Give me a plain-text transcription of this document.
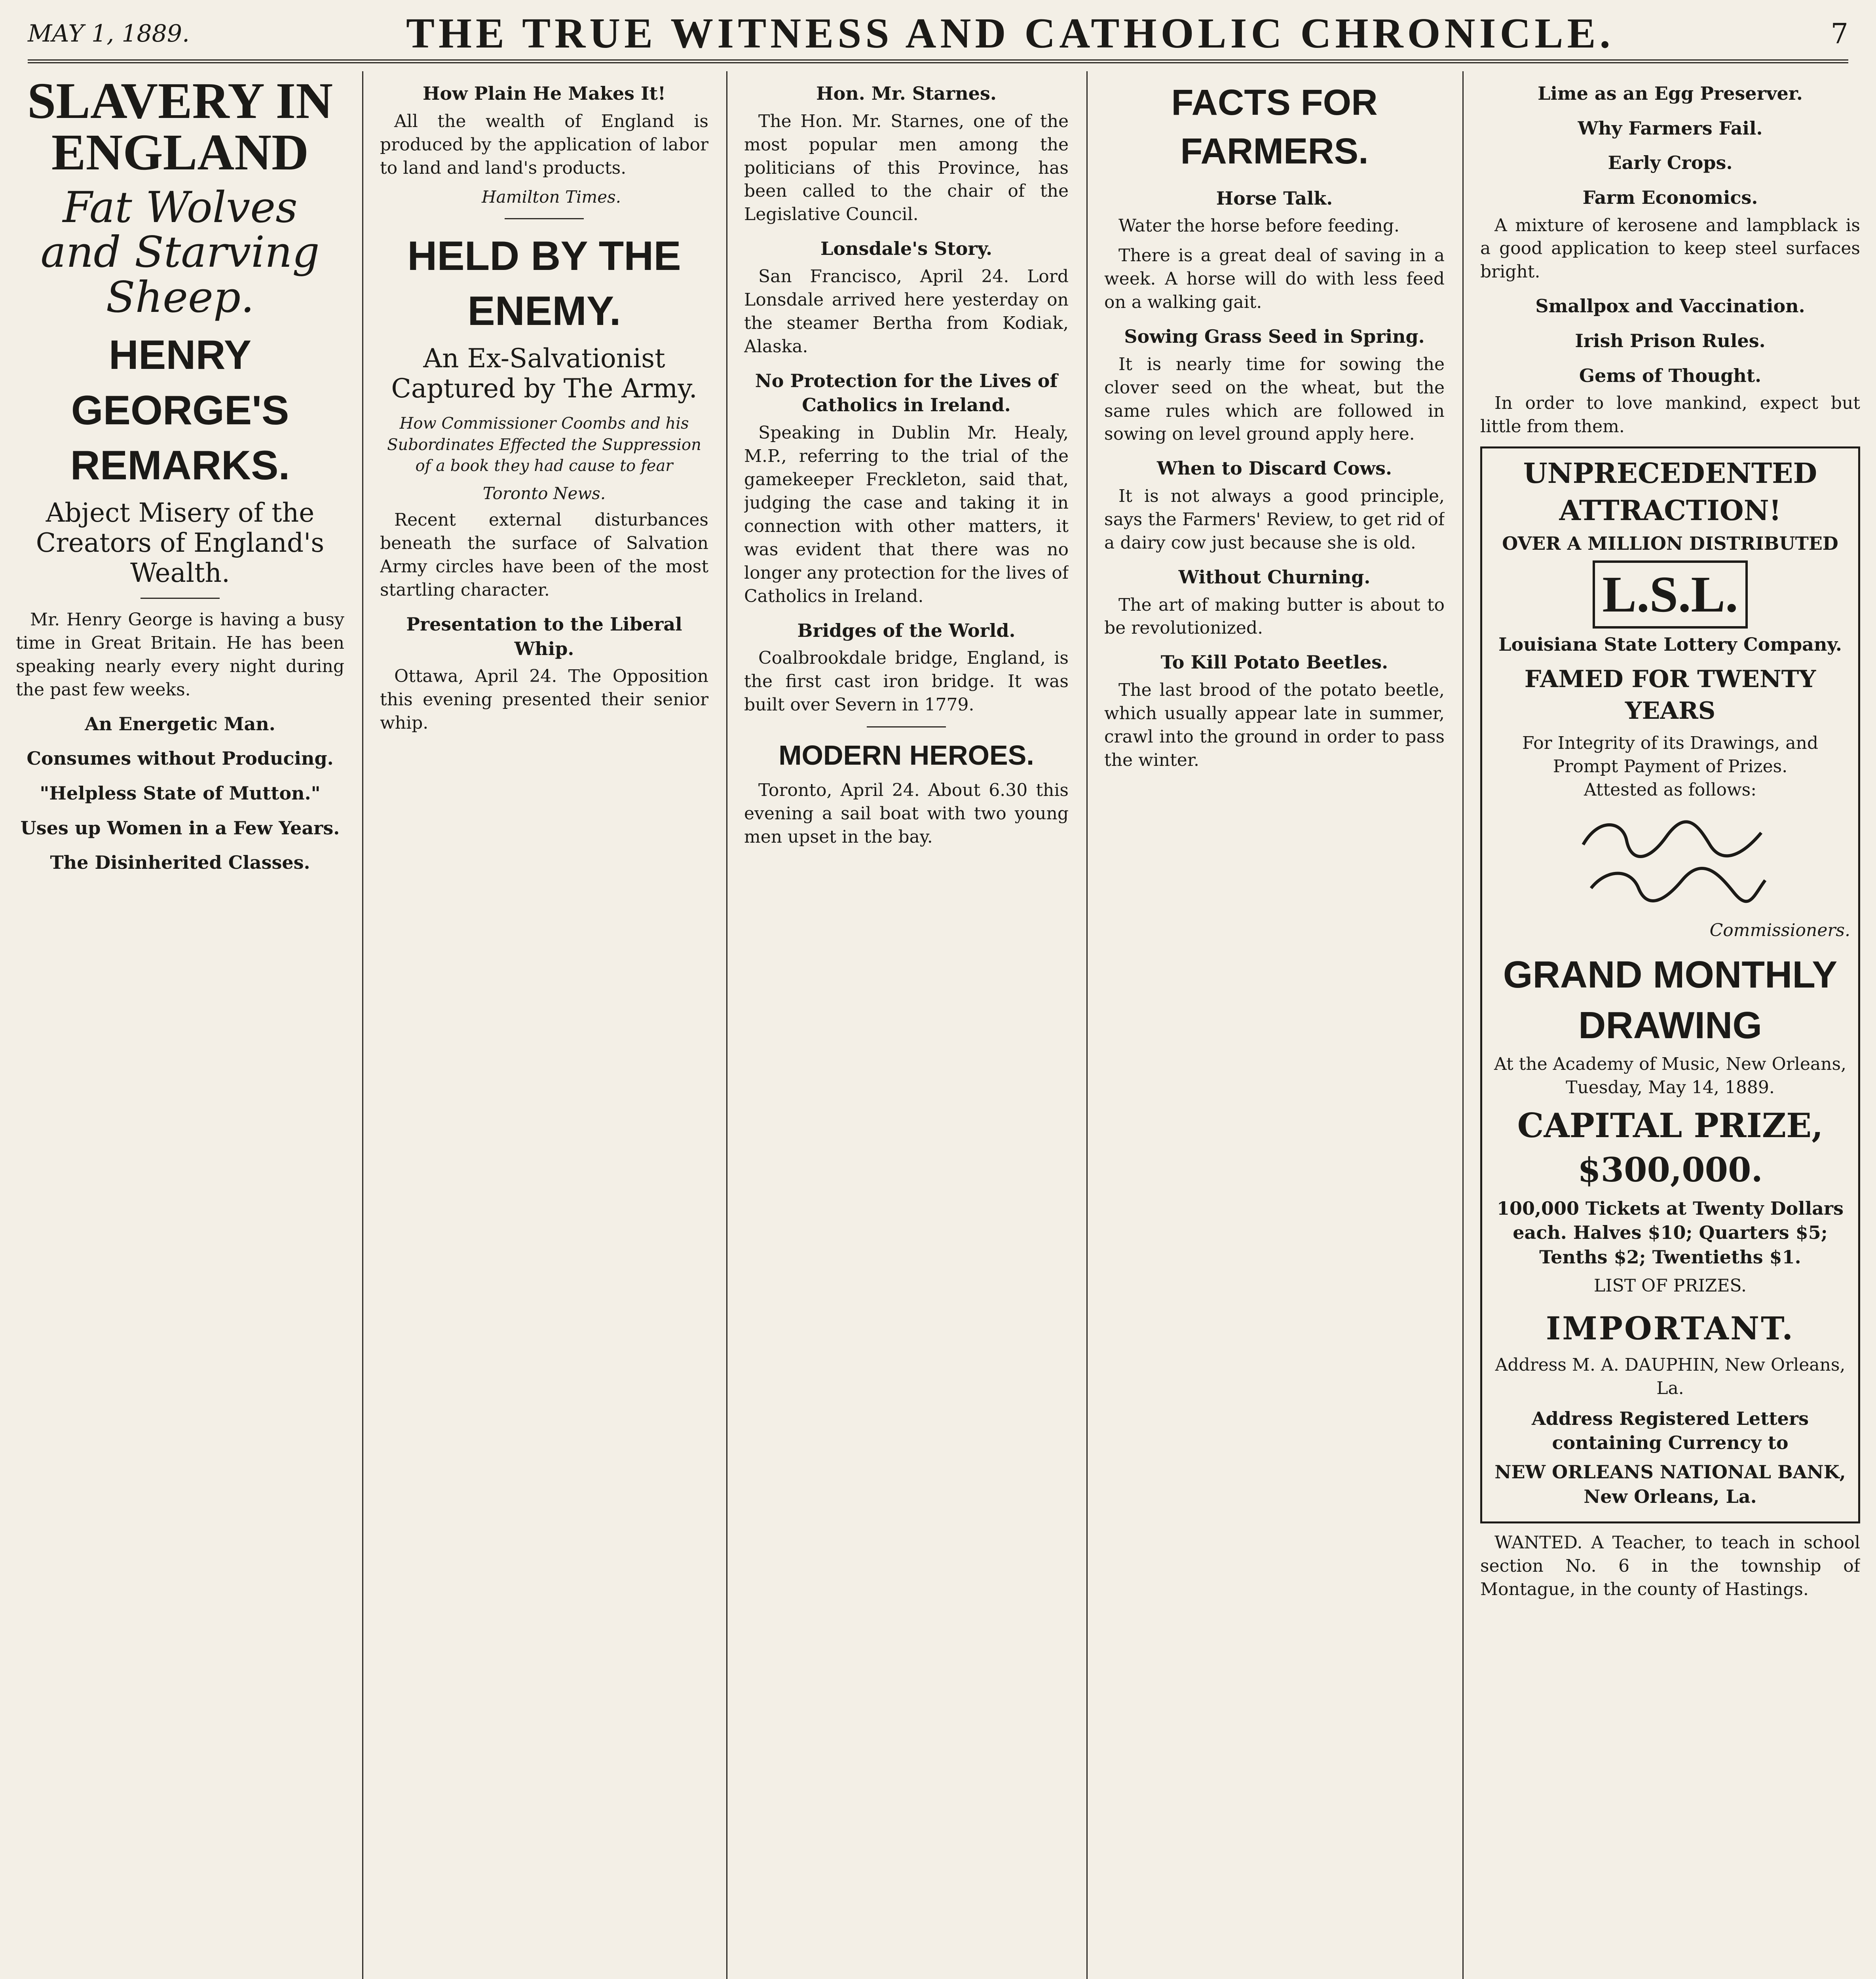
MAY 1, 1889.	THE TRUE WITNESS AND CATHOLIC CHRONICLE.	7
SLAVERY IN ENGLAND
Fat Wolves and Starving Sheep.
HENRY GEORGE'S REMARKS.
Abject Misery of the Creators of England's Wealth.

Mr. Henry George is having a busy time in Great Britain. He has been speaking nearly every night during the past few weeks.

An Energetic Man.

Consumes without Producing.

"Helpless State of Mutton."

Uses up Women in a Few Years.

The Disinherited Classes.

How Plain He Makes It!

All the wealth of England is produced by the application of labor to land and land's products.

Hamilton Times.

HELD BY THE ENEMY.
An Ex-Salvationist Captured by The Army.
How Commissioner Coombs and his Subordinates Effected the Suppression of a book they had cause to fear
Toronto News.

Recent external disturbances beneath the surface of Salvation Army circles have been of the most startling character.

Presentation to the Liberal Whip.

Ottawa, April 24. The Opposition this evening presented their senior whip.

Hon. Mr. Starnes.

The Hon. Mr. Starnes, one of the most popular men among the politicians of this Province, has been called to the chair of the Legislative Council.

Lonsdale's Story.

San Francisco, April 24. Lord Lonsdale arrived here yesterday on the steamer Bertha from Kodiak, Alaska.

No Protection for the Lives of Catholics in Ireland.

Speaking in Dublin Mr. Healy, M.P., referring to the trial of the gamekeeper Freckleton, said that, judging the case and taking it in connection with other matters, it was evident that there was no longer any protection for the lives of Catholics in Ireland.

Bridges of the World.

Coalbrookdale bridge, England, is the first cast iron bridge. It was built over Severn in 1779.

MODERN HEROES.

Toronto, April 24. About 6.30 this evening a sail boat with two young men upset in the bay.

FACTS FOR FARMERS.
Horse Talk.

Water the horse before feeding.

There is a great deal of saving in a week. A horse will do with less feed on a walking gait.

Sowing Grass Seed in Spring.

It is nearly time for sowing the clover seed on the wheat, but the same rules which are followed in sowing on level ground apply here.

When to Discard Cows.

It is not always a good principle, says the Farmers' Review, to get rid of a dairy cow just because she is old.

Without Churning.

The art of making butter is about to be revolutionized.

To Kill Potato Beetles.

The last brood of the potato beetle, which usually appear late in summer, crawl into the ground in order to pass the winter.

Lime as an Egg Preserver.

Why Farmers Fail.

Early Crops.

Farm Economics.

A mixture of kerosene and lampblack is a good application to keep steel surfaces bright.

Smallpox and Vaccination.

Irish Prison Rules.

Gems of Thought.

In order to love mankind, expect but little from them.

UNPRECEDENTED ATTRACTION!
OVER A MILLION DISTRIBUTED
L.S.L.
Louisiana State Lottery Company.

FAMED FOR TWENTY YEARS
For Integrity of its Drawings, and Prompt Payment of Prizes.
Attested as follows:

Commissioners.

GRAND MONTHLY DRAWING
At the Academy of Music, New Orleans, Tuesday, May 14, 1889.
CAPITAL PRIZE, $300,000.
100,000 Tickets at Twenty Dollars each. Halves $10; Quarters $5; Tenths $2; Twentieths $1.
LIST OF PRIZES.
IMPORTANT.
Address M. A. DAUPHIN, New Orleans, La.

Address Registered Letters containing Currency to
NEW ORLEANS NATIONAL BANK, New Orleans, La.

WANTED. A Teacher, to teach in school section No. 6 in the township of Montague, in the county of Hastings.
